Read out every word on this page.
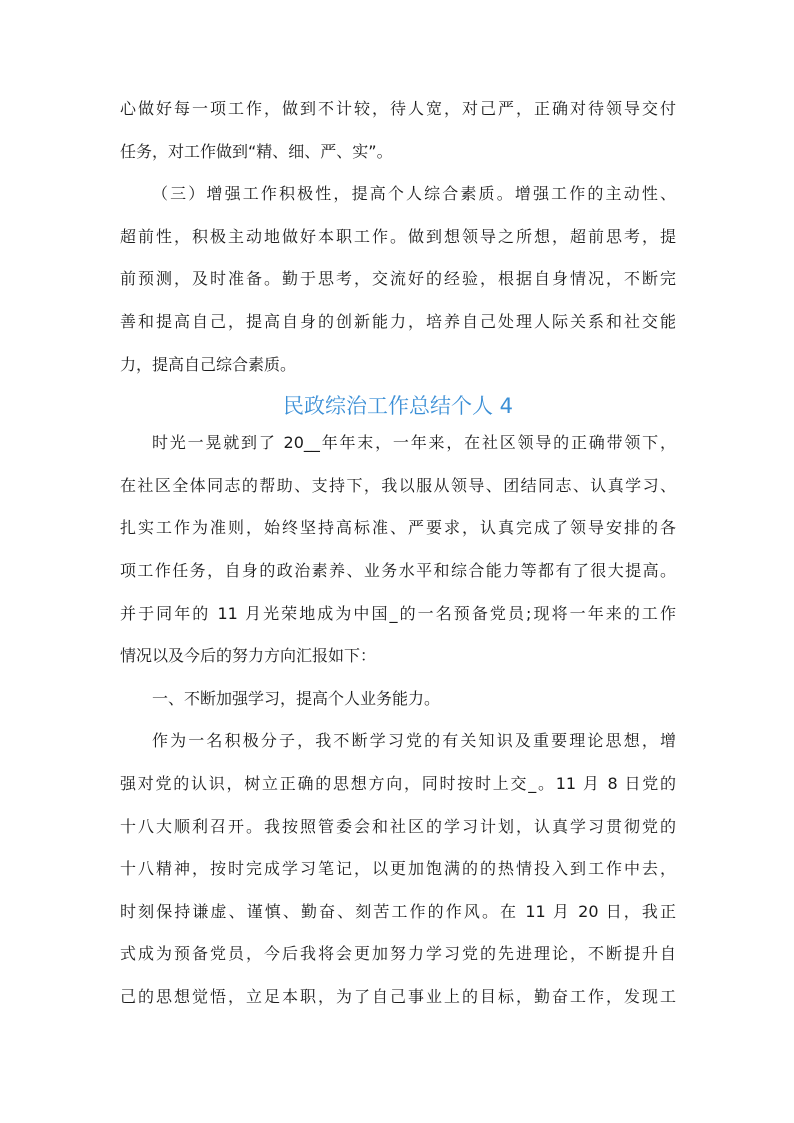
心做好每一项工作，做到不计较，待人宽，对己严，正确对待领导交付
任务，对工作做到“精、细、严、实”。
（三）增强工作积极性，提高个人综合素质。增强工作的主动性、
超前性，积极主动地做好本职工作。做到想领导之所想，超前思考，提
前预测，及时准备。勤于思考，交流好的经验，根据自身情况，不断完
善和提高自己，提高自身的创新能力，培养自己处理人际关系和社交能
力，提高自己综合素质。
民政综治工作总结个人 4
时光一晃就到了 20__年年末，一年来，在社区领导的正确带领下，
在社区全体同志的帮助、支持下，我以服从领导、团结同志、认真学习、
扎实工作为准则，始终坚持高标准、严要求，认真完成了领导安排的各
项工作任务，自身的政治素养、业务水平和综合能力等都有了很大提高。
并于同年的 11 月光荣地成为中国_的一名预备党员;现将一年来的工作
情况以及今后的努力方向汇报如下：
一、不断加强学习，提高个人业务能力。
作为一名积极分子，我不断学习党的有关知识及重要理论思想，增
强对党的认识，树立正确的思想方向，同时按时上交_。11 月 8 日党的
十八大顺利召开。我按照管委会和社区的学习计划，认真学习贯彻党的
十八精神，按时完成学习笔记，以更加饱满的的热情投入到工作中去，
时刻保持谦虚、谨慎、勤奋、刻苦工作的作风。在 11 月 20 日，我正
式成为预备党员，今后我将会更加努力学习党的先进理论，不断提升自
己的思想觉悟，立足本职，为了自己事业上的目标，勤奋工作，发现工
